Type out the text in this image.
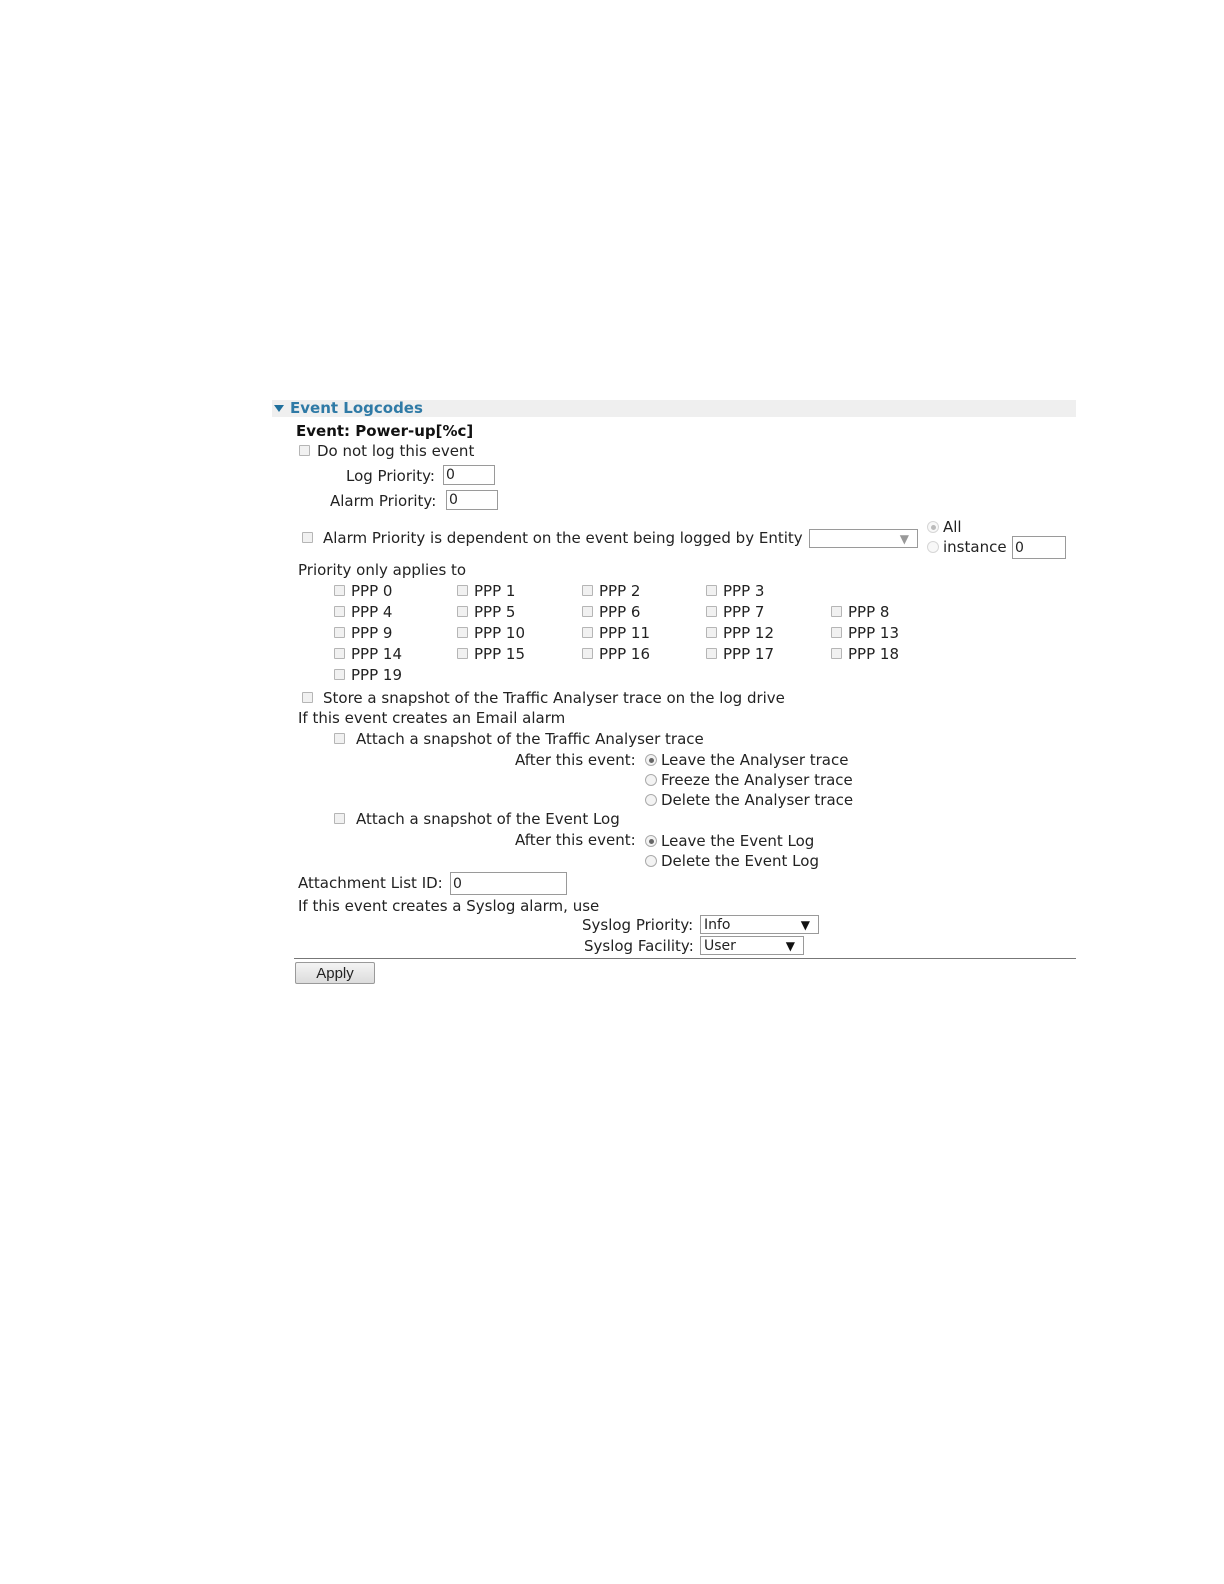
Event Logcodes
Event: Power-up[%c]
Do not log this event
Log Priority:
0
Alarm Priority:
0
Alarm Priority is dependent on the event being logged by Entity	▼
All
instance
0
Priority only applies to
PPP 0	PPP 1	PPP 2	PPP 3
PPP 4	PPP 5	PPP 6	PPP 7	PPP 8
PPP 9	PPP 10	PPP 11	PPP 12	PPP 13
PPP 14	PPP 15	PPP 16	PPP 17	PPP 18
PPP 19
Store a snapshot of the Traffic Analyser trace on the log drive
If this event creates an Email alarm
Attach a snapshot of the Traffic Analyser trace
After this event: Leave the Analyser trace
Freeze the Analyser trace
Delete the Analyser trace
Attach a snapshot of the Event Log
After this event: Leave the Event Log
Delete the Event Log
Attachment List ID:
0
If this event creates a Syslog alarm, use
Syslog Priority: Info	▼
Syslog Facility: User	▼
Apply
